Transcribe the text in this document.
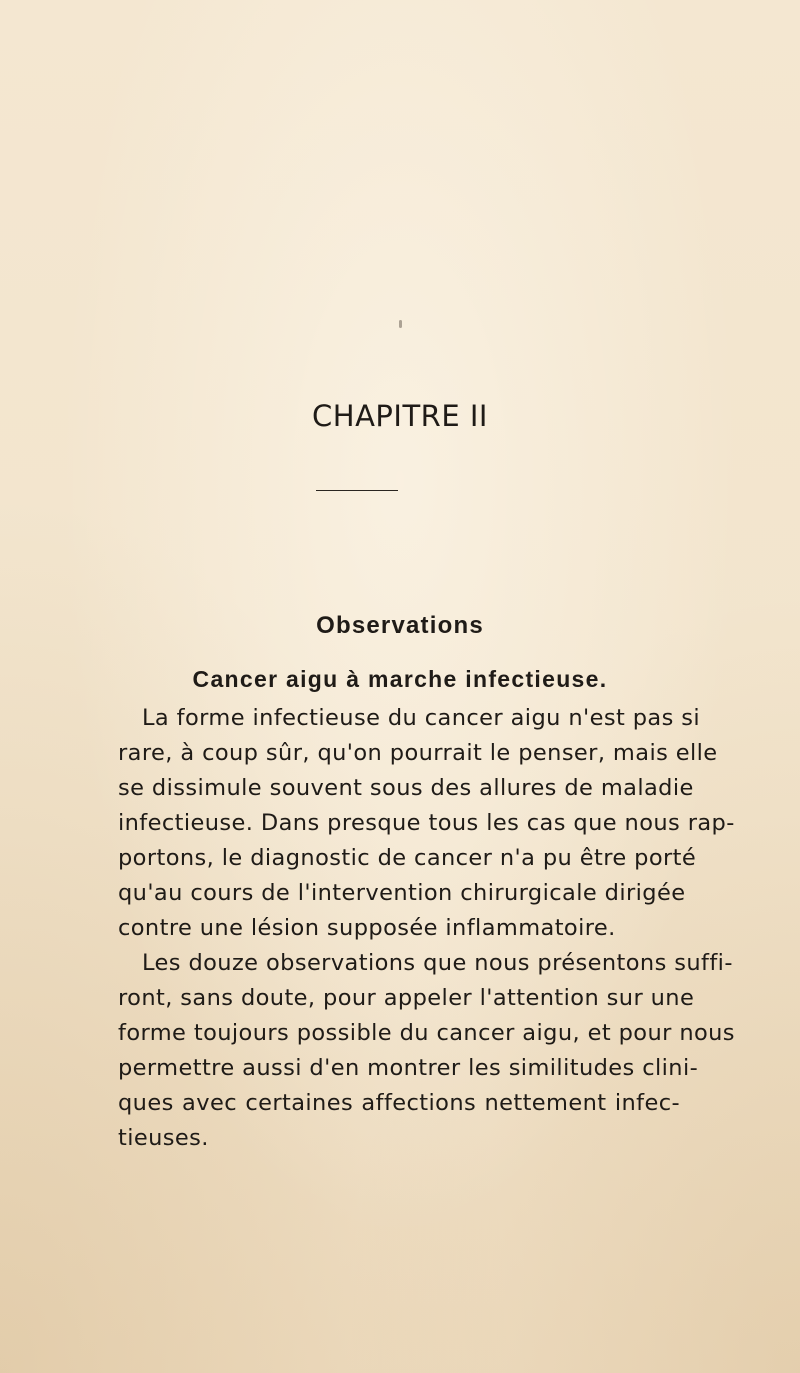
CHAPITRE II
Observations
Cancer aigu à marche infectieuse.
La forme infectieuse du cancer aigu n'est pas si
rare, à coup sûr, qu'on pourrait le penser, mais elle
se dissimule souvent sous des allures de maladie
infectieuse. Dans presque tous les cas que nous rap-
portons, le diagnostic de cancer n'a pu être porté
qu'au cours de l'intervention chirurgicale dirigée
contre une lésion supposée inflammatoire.
Les douze observations que nous présentons suffi-
ront, sans doute, pour appeler l'attention sur une
forme toujours possible du cancer aigu, et pour nous
permettre aussi d'en montrer les similitudes clini-
ques avec certaines affections nettement infec-
tieuses.
